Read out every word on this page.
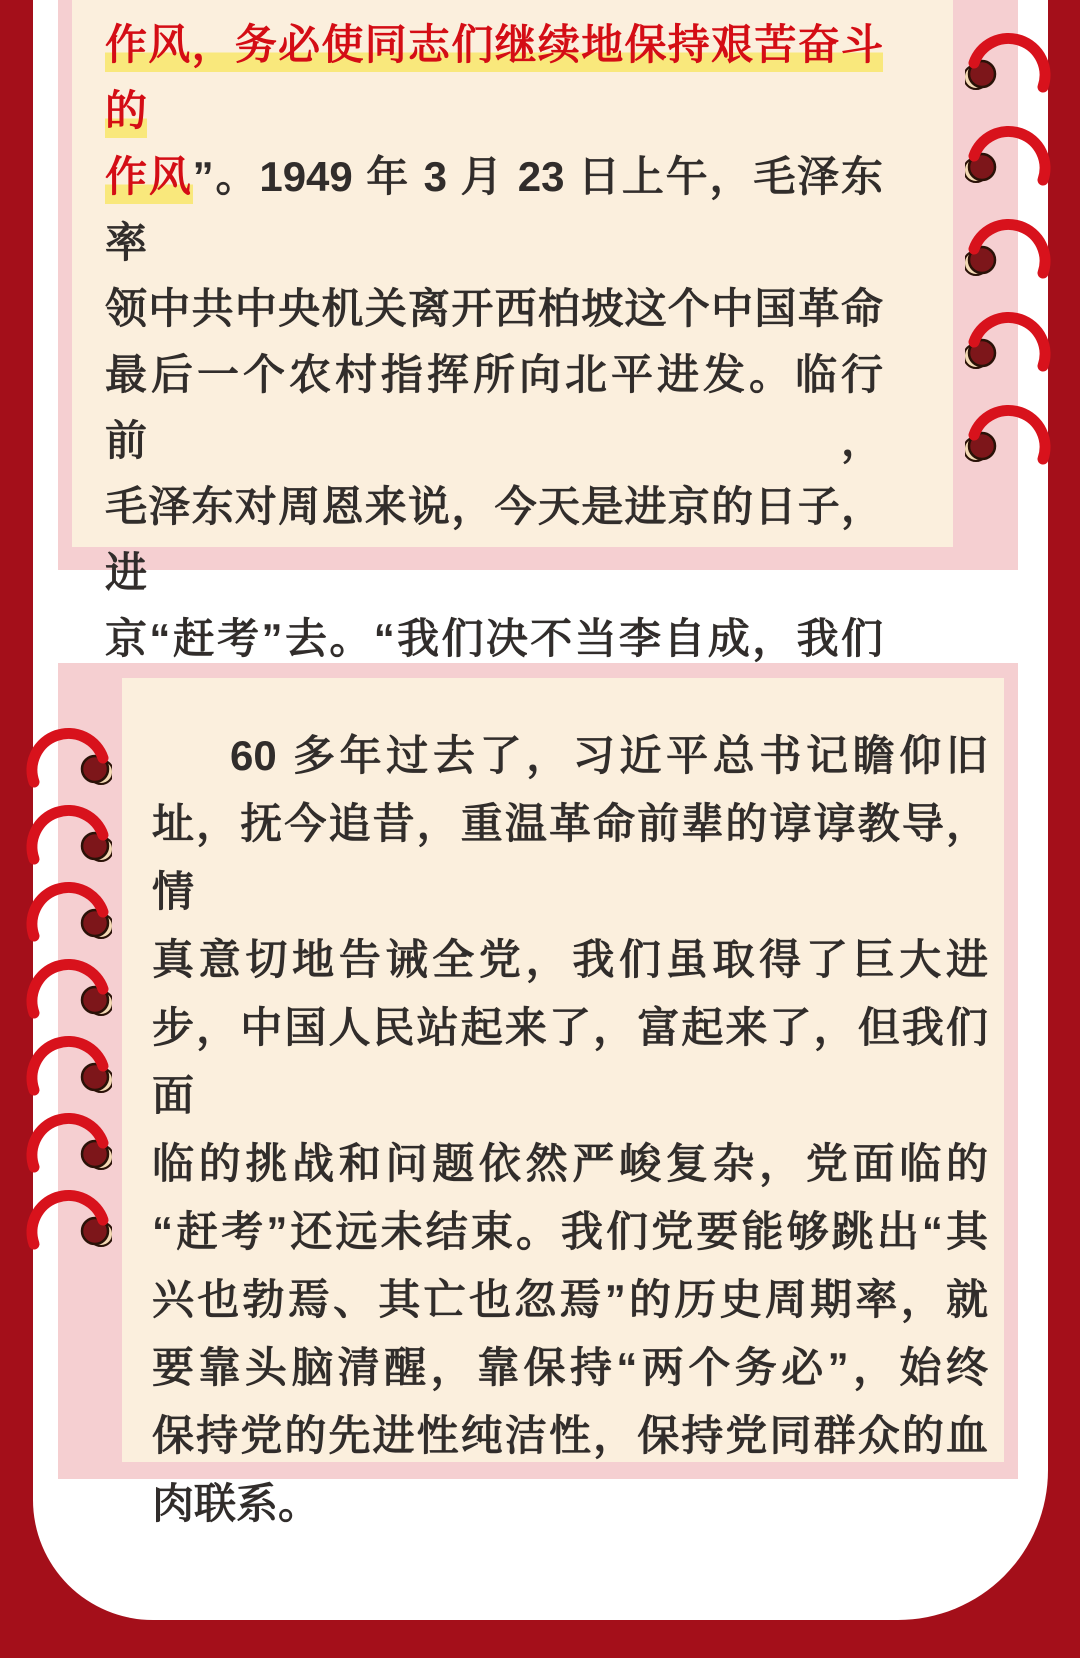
作风，务必使同志们继续地保持艰苦奋斗的
作风”。1949 年 3 月 23 日上午，毛泽东率
领中共中央机关离开西柏坡这个中国革命
最后一个农村指挥所向北平进发。临行前，
毛泽东对周恩来说，今天是进京的日子，进
京“赶考”去。“我们决不当李自成，我们
60 多年过去了，习近平总书记瞻仰旧
址，抚今追昔，重温革命前辈的谆谆教导，情
真意切地告诫全党，我们虽取得了巨大进
步，中国人民站起来了，富起来了，但我们面
临的挑战和问题依然严峻复杂，党面临的
“赶考”还远未结束。我们党要能够跳出“其
兴也勃焉、其亡也忽焉”的历史周期率，就
要靠头脑清醒，靠保持“两个务必”，始终
保持党的先进性纯洁性，保持党同群众的血
肉联系。
